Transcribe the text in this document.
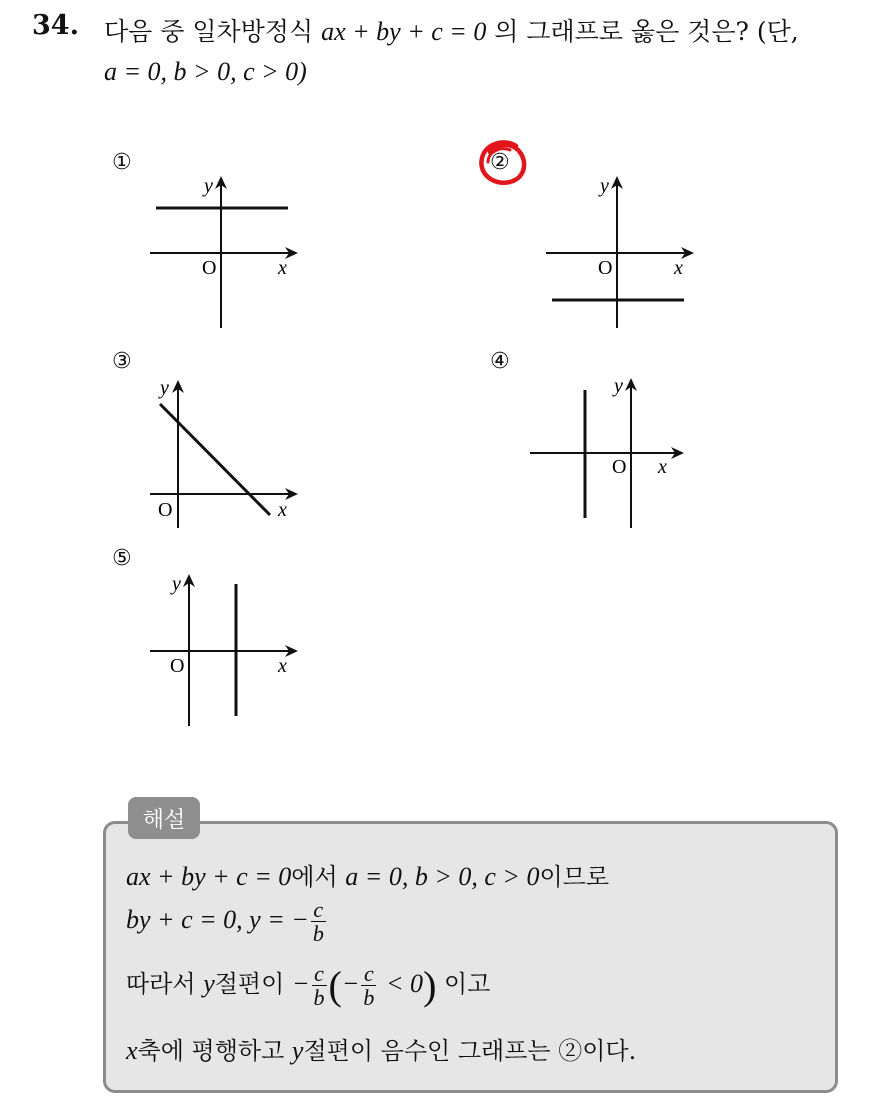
34. 다음 중 일차방정식 ax + by + c = 0 의 그래프로 옳은 것은? (단,
a = 0, b > 0, c > 0)
①	②
③	④
⑤
y
O	x
y
O	x
y
O	x
y
O x
y
O	x
해설
ax + by + c = 0에서 a = 0, b > 0, c > 0이므로
by + c = 0, y = − $\frac{c}{b}$
따라서 y절편이 − $\frac{c}{b}$ (− $\frac{c}{b} < 0$) 이고
x축에 평행하고 y절편이 음수인 그래프는 ②이다.
